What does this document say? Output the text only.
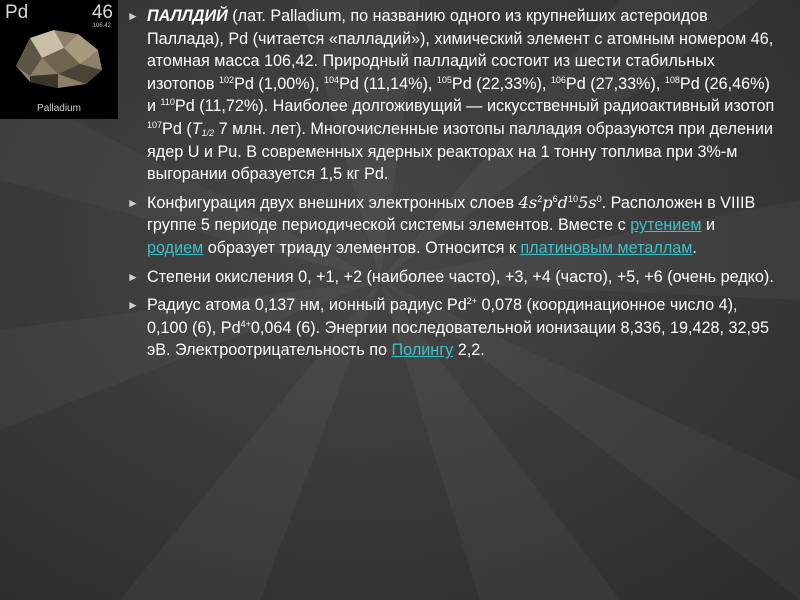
Pd	46
106.42
Palladium
► ПАЛЛ​ДИЙ (лат. Palladium, по названию одного из крупнейших астероидов Паллада), Pd (читается «палладий»), химический элемент с атомным номером 46, атомная масса 106,42. Природный палладий состоит из шести стабильных изотопов $^{102}$Pd (1,00%), $^{104}$Pd (11,14%), $^{105}$Pd (22,33%), $^{106}$Pd (27,33%), $^{108}$Pd (26,46%) и $^{110}$Pd (11,72%). Наиболее долгоживущий — искусственный радиоактивный изотоп $^{107}$Pd ($T_{1/2}$ 7 млн. лет). Многочисленные изотопы палладия образуются при делении ядер U и Pu. В современных ядерных реакторах на 1 тонну топлива при 3%-м выгорании образуется 1,5 кг Pd.
► Конфигурация двух внешних электронных слоев $4s^2p^6d^{10}5s^0$. Расположен в VIIIB группе 5 периоде периодической системы элементов. Вместе с рутением и родием образует триаду элементов. Относится к платиновым металлам.
► Степени окисления 0, +1, +2 (наиболее часто), +3, +4 (часто), +5, +6 (очень редко).
► Радиус атома 0,137 нм, ионный радиус $Pd^{2+}$ 0,078 (координационное число 4), 0,100 (6), $Pd^{4+}0,064$ (6). Энергии последовательной ионизации 8,336, 19,428, 32,95 эВ. Электроотрицательность по Полингу 2,2.
